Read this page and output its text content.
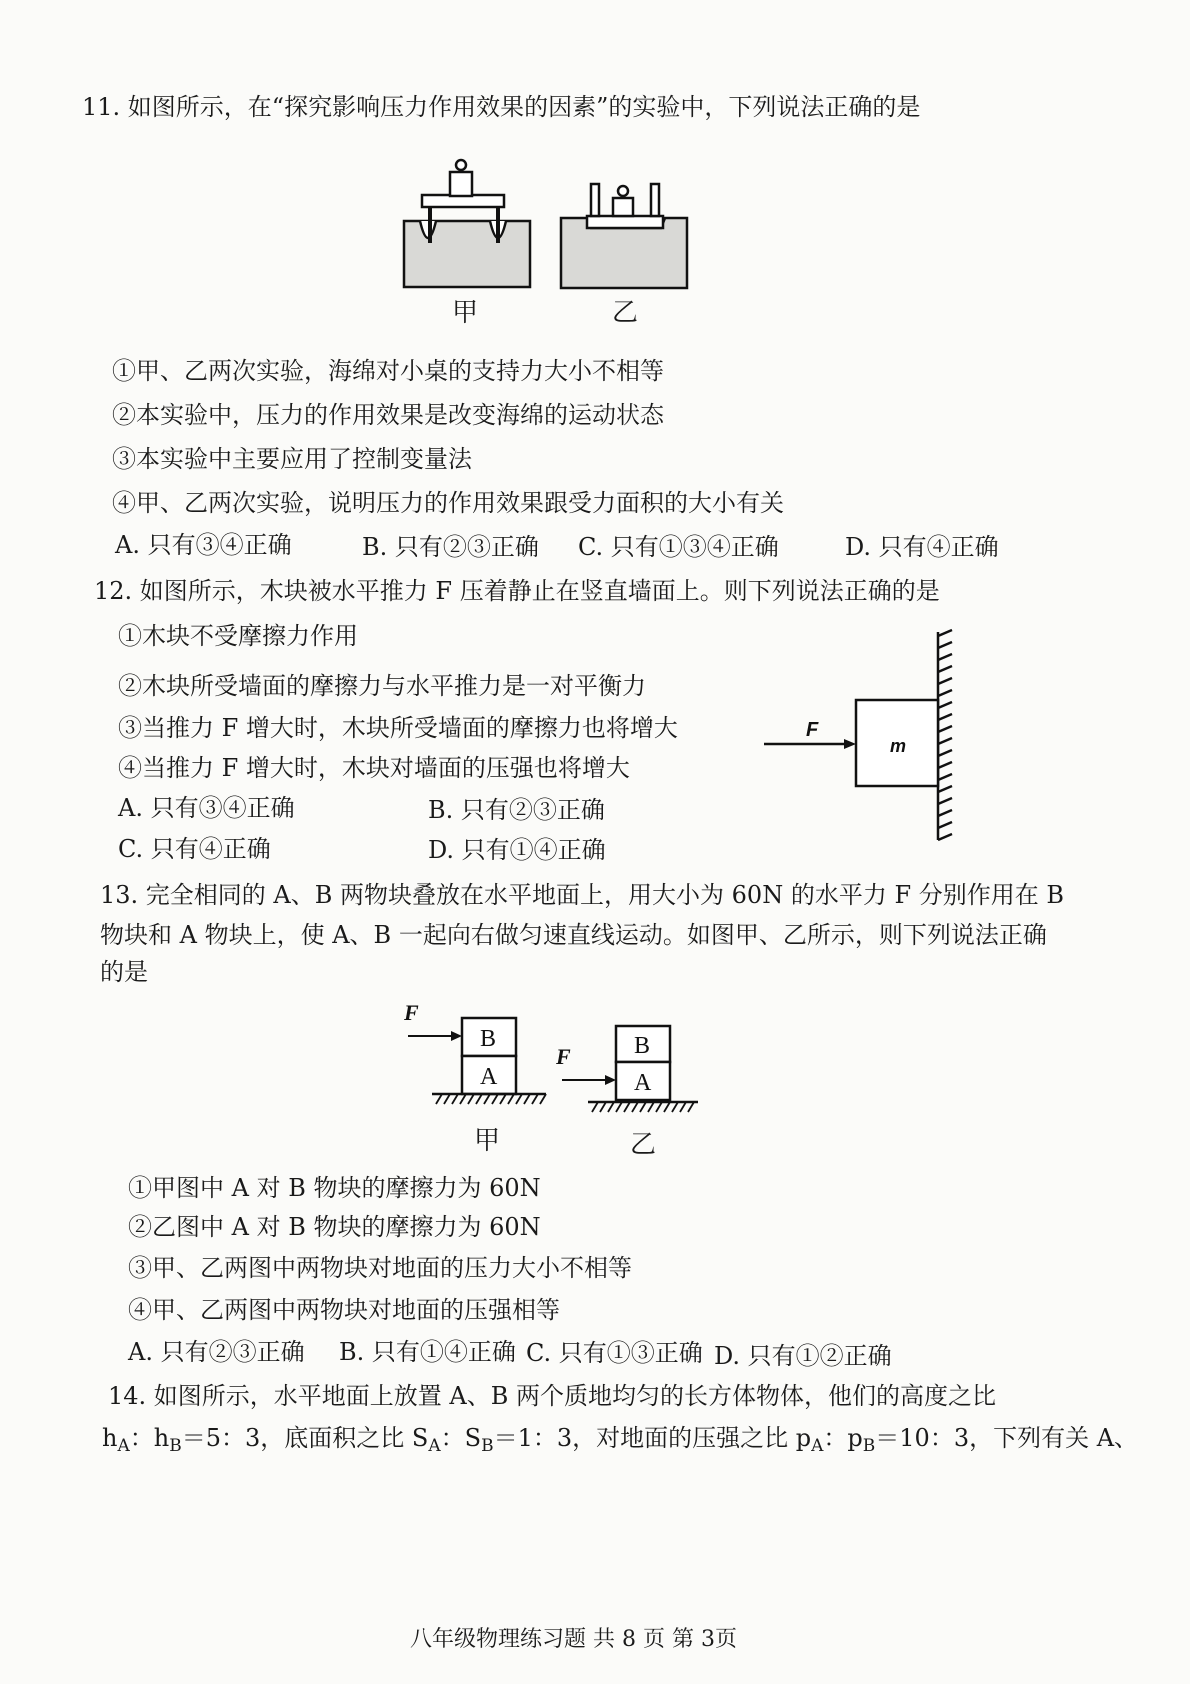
11. 如图所示，在“探究影响压力作用效果的因素”的实验中，下列说法正确的是
甲	乙
①甲、乙两次实验，海绵对小桌的支持力大小不相等
②本实验中，压力的作用效果是改变海绵的运动状态
③本实验中主要应用了控制变量法
④甲、乙两次实验，说明压力的作用效果跟受力面积的大小有关
A. 只有③④正确	B. 只有②③正确 C. 只有①③④正确	D. 只有④正确
12. 如图所示，木块被水平推力 F 压着静止在竖直墙面上。则下列说法正确的是
①木块不受摩擦力作用
②木块所受墙面的摩擦力与水平推力是一对平衡力
③当推力 F 增大时，木块所受墙面的摩擦力也将增大
④当推力 F 增大时，木块对墙面的压强也将增大
A. 只有③④正确	B. 只有②③正确
C. 只有④正确	D. 只有①④正确
F
m
13. 完全相同的 A、B 两物块叠放在水平地面上，用大小为 60N 的水平力 F 分别作用在 B
物块和 A 物块上，使 A、B 一起向右做匀速直线运动。如图甲、乙所示，则下列说法正确
的是
F
B
A
甲
F	B
A
乙
①甲图中 A 对 B 物块的摩擦力为 60N
②乙图中 A 对 B 物块的摩擦力为 60N
③甲、乙两图中两物块对地面的压力大小不相等
④甲、乙两图中两物块对地面的压强相等
A. 只有②③正确 B. 只有①④正确 C. 只有①③正确 D. 只有①②正确
14. 如图所示，水平地面上放置 A、B 两个质地均匀的长方体物体，他们的高度之比
$h_A$：$h_B=5$：3，底面积之比 $S_A$：$S_B=1$：3，对地面的压强之比 $p_A$：$p_B=10$：3，下列有关 A、
八年级物理练习题 共 8 页 第 3页
